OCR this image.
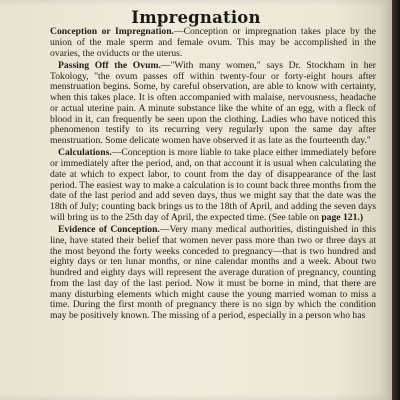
Impregnation

Conception or Impregnation.—Conception or impregnation takes place by the union of the male sperm and female ovum. This may be accomplished in the ovaries, the oviducts or the uterus.

Passing Off the Ovum.—"With many women," says Dr. Stockham in her Tokology, "the ovum passes off within twenty-four or forty-eight hours after menstruation begins. Some, by careful observation, are able to know with certainty, when this takes place. It is often accompanied with malaise, nervousness, headache or actual uterine pain. A minute substance like the white of an egg, with a fleck of blood in it, can frequently be seen upon the clothing. Ladies who have noticed this phenomenon testify to its recurring very regularly upon the same day after menstruation. Some delicate women have observed it as late as the fourteenth day."

Calculations.—Conception is more liable to take place either immediately before or immediately after the period, and, on that account it is usual when calculating the date at which to expect labor, to count from the day of disappearance of the last period. The easiest way to make a calculation is to count back three months from the date of the last period and add seven days, thus we might say that the date was the 18th of July; counting back brings us to the 18th of April, and adding the seven days will bring us to the 25th day of April, the expected time. (See table on page 121.)

Evidence of Conception.—Very many medical authorities, distinguished in this line, have stated their belief that women never pass more than two or three days at the most beyond the forty weeks conceded to pregnancy—that is two hundred and eighty days or ten lunar months, or nine calendar months and a week. About two hundred and eighty days will represent the average duration of pregnancy, counting from the last day of the last period. Now it must be borne in mind, that there are many disturbing elements which might cause the young married woman to miss a time. During the first month of pregnancy there is no sign by which the condition may be positively known. The missing of a period, especially in a person who has
